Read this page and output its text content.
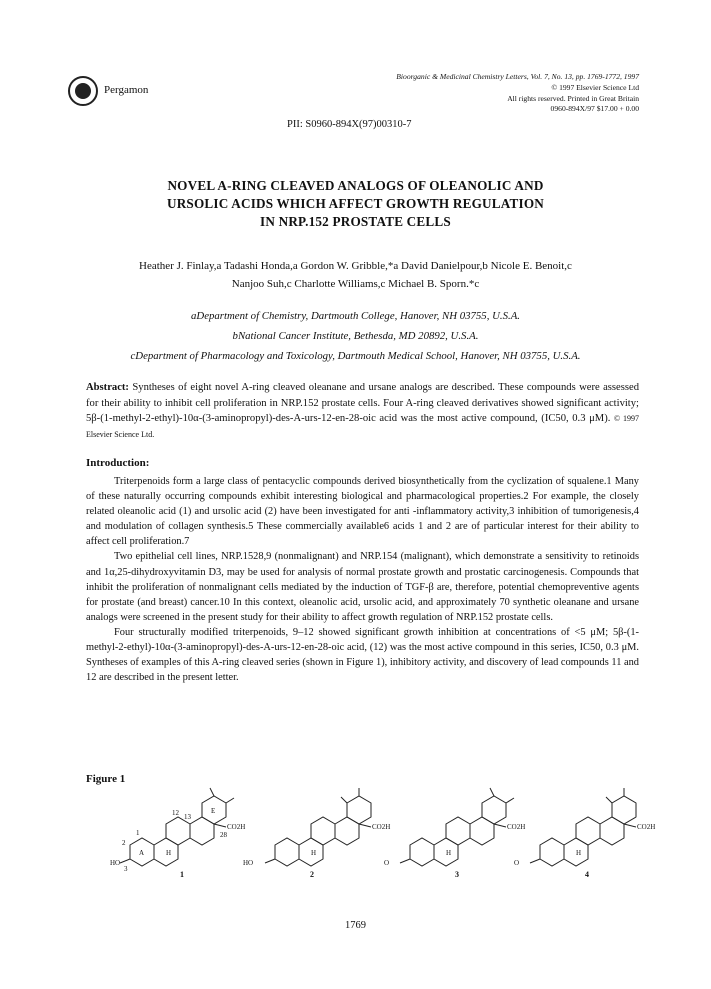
Pergamon
Bioorganic & Medicinal Chemistry Letters, Vol. 7, No. 13, pp. 1769-1772, 1997
© 1997 Elsevier Science Ltd
All rights reserved. Printed in Great Britain
0960-894X/97 $17.00 + 0.00
PII: S0960-894X(97)00310-7
NOVEL A-RING CLEAVED ANALOGS OF OLEANOLIC AND
URSOLIC ACIDS WHICH AFFECT GROWTH REGULATION
IN NRP.152 PROSTATE CELLS
Heather J. Finlay,a Tadashi Honda,a Gordon W. Gribble,*a David Danielpour,b Nicole E. Benoit,c
Nanjoo Suh,c Charlotte Williams,c Michael B. Sporn.*c
aDepartment of Chemistry, Dartmouth College, Hanover, NH 03755, U.S.A.
bNational Cancer Institute, Bethesda, MD 20892, U.S.A.
cDepartment of Pharmacology and Toxicology, Dartmouth Medical School, Hanover, NH 03755, U.S.A.
Abstract: Syntheses of eight novel A-ring cleaved oleanane and ursane analogs are described. These compounds were assessed for their ability to inhibit cell proliferation in NRP.152 prostate cells. Four A-ring cleaved derivatives showed significant activity; 5β-(1-methyl-2-ethyl)-10α-(3-aminopropyl)-des-A-urs-12-en-28-oic acid was the most active compound, (IC50, 0.3 μM). © 1997 Elsevier Science Ltd.
Introduction:

Triterpenoids form a large class of pentacyclic compounds derived biosynthetically from the cyclization of squalene.1 Many of these naturally occurring compounds exhibit interesting biological and pharmacological properties.2 For example, the closely related oleanolic acid (1) and ursolic acid (2) have been investigated for anti -inflammatory activity,3 inhibition of tumorigenesis,4 and modulation of collagen synthesis.5 These commercially available6 acids 1 and 2 are of particular interest for their ability to affect cell proliferation.7

Two epithelial cell lines, NRP.1528,9 (nonmalignant) and NRP.154 (malignant), which demonstrate a sensitivity to retinoids and 1α,25-dihydroxyvitamin D3, may be used for analysis of normal prostate growth and prostatic carcinogenesis. Compounds that inhibit the proliferation of nonmalignant cells mediated by the induction of TGF-β are, therefore, potential chemopreventive agents for prostate (and breast) cancer.10 In this context, oleanolic acid, ursolic acid, and approximately 70 synthetic oleanane and ursane analogs were screened in the present study for their ability to affect growth regulation of NRP.152 prostate cells.

Four structurally modified triterpenoids, 9–12 showed significant growth inhibition at concentrations of <5 μM; 5β-(1-methyl-2-ethyl)-10α-(3-aminopropyl)-des-A-urs-12-en-28-oic acid, (12) was the most active compound in this series, IC50, 0.3 μM. Syntheses of examples of this A-ring cleaved series (shown in Figure 1), inhibitory activity, and discovery of lead compounds 11 and 12 are described in the present letter.

Figure 1
E
A
12 13
28
1
2
3
CO2H	CO2H	CO2H	CO2H
HO	HO	O	O
H	H	H	H
1	2	3	4
1769
